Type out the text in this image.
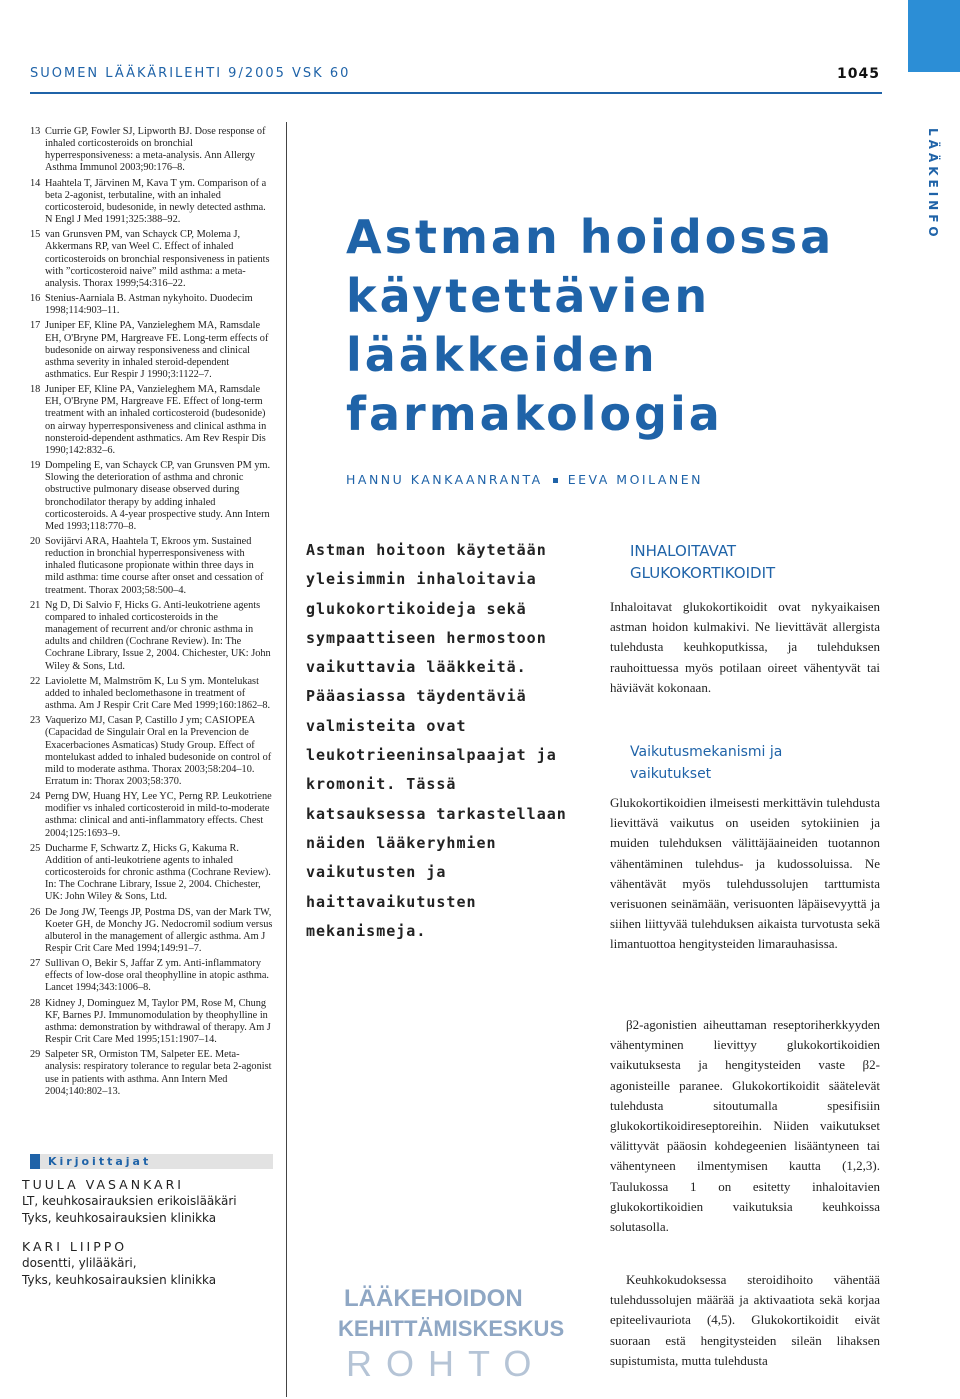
SUOMEN LÄÄKÄRILEHTI 9/2005 VSK 60	1045
LÄÄKEINFO
13 Currie GP, Fowler SJ, Lipworth BJ. Dose response of inhaled corticosteroids on bronchial hyperresponsiveness: a meta-analysis. Ann Allergy Asthma Immunol 2003;90:176–8.
14 Haahtela T, Järvinen M, Kava T ym. Comparison of a beta 2-agonist, terbutaline, with an inhaled corticosteroid, budesonide, in newly detected asthma. N Engl J Med 1991;325:388–92.
15 van Grunsven PM, van Schayck CP, Molema J, Akkermans RP, van Weel C. Effect of inhaled corticosteroids on bronchial responsiveness in patients with ”corticosteroid naive” mild asthma: a meta-analysis. Thorax 1999;54:316–22.
16 Stenius-Aarniala B. Astman nykyhoito. Duodecim 1998;114:903–11.
17 Juniper EF, Kline PA, Vanzieleghem MA, Ramsdale EH, O'Bryne PM, Hargreave FE. Long-term effects of budesonide on airway responsiveness and clinical asthma severity in inhaled steroid-dependent asthmatics. Eur Respir J 1990;3:1122–7.
18 Juniper EF, Kline PA, Vanzieleghem MA, Ramsdale EH, O'Bryne PM, Hargreave FE. Effect of long-term treatment with an inhaled corticosteroid (budesonide) on airway hyperresponsiveness and clinical asthma in nonsteroid-dependent asthmatics. Am Rev Respir Dis 1990;142:832–6.
19 Dompeling E, van Schayck CP, van Grunsven PM ym. Slowing the deterioration of asthma and chronic obstructive pulmonary disease observed during bronchodilator therapy by adding inhaled corticosteroids. A 4-year prospective study. Ann Intern Med 1993;118:770–8.
20 Sovijärvi ARA, Haahtela T, Ekroos ym. Sustained reduction in bronchial hyperresponsiveness with inhaled fluticasone propionate within three days in mild asthma: time course after onset and cessation of treatment. Thorax 2003;58:500–4.
21 Ng D, Di Salvio F, Hicks G. Anti-leukotriene agents compared to inhaled corticosteroids in the management of recurrent and/or chronic asthma in adults and children (Cochrane Review). In: The Cochrane Library, Issue 2, 2004. Chichester, UK: John Wiley & Sons, Ltd.
22 Laviolette M, Malmström K, Lu S ym. Montelukast added to inhaled beclomethasone in treatment of asthma. Am J Respir Crit Care Med 1999;160:1862–8.
23 Vaquerizo MJ, Casan P, Castillo J ym; CASIOPEA (Capacidad de Singulair Oral en la Prevencion de Exacerbaciones Asmaticas) Study Group. Effect of montelukast added to inhaled budesonide on control of mild to moderate asthma. Thorax 2003;58:204–10. Erratum in: Thorax 2003;58:370.
24 Perng DW, Huang HY, Lee YC, Perng RP. Leukotriene modifier vs inhaled corticosteroid in mild-to-moderate asthma: clinical and anti-inflammatory effects. Chest 2004;125:1693–9.
25 Ducharme F, Schwartz Z, Hicks G, Kakuma R. Addition of anti-leukotriene agents to inhaled corticosteroids for chronic asthma (Cochrane Review). In: The Cochrane Library, Issue 2, 2004. Chichester, UK: John Wiley & Sons, Ltd.
26 De Jong JW, Teengs JP, Postma DS, van der Mark TW, Koeter GH, de Monchy JG. Nedocromil sodium versus albuterol in the management of allergic asthma. Am J Respir Crit Care Med 1994;149:91–7.
27 Sullivan O, Bekir S, Jaffar Z ym. Anti-inflammatory effects of low-dose oral theophylline in atopic asthma. Lancet 1994;343:1006–8.
28 Kidney J, Dominguez M, Taylor PM, Rose M, Chung KF, Barnes PJ. Immunomodulation by theophylline in asthma: demonstration by withdrawal of therapy. Am J Respir Crit Care Med 1995;151:1907–14.
29 Salpeter SR, Ormiston TM, Salpeter EE. Meta-analysis: respiratory tolerance to regular beta 2-agonist use in patients with asthma. Ann Intern Med 2004;140:802–13.
Kirjoittajat
TUULA VASANKARI
LT, keuhkosairauksien erikoislääkäri
Tyks, keuhkosairauksien klinikka
KARI LIIPPO
dosentti, ylilääkäri,
Tyks, keuhkosairauksien klinikka
Astman hoidossa
käytettävien
lääkkeiden
farmakologia
HANNU KANKAANRANTA EEVA MOILANEN

Astman hoitoon käytetään yleisimmin inhaloitavia glukokortikoideja sekä sympaattiseen hermostoon vaikuttavia lääkkeitä. Pääasiassa täydentäviä valmisteita ovat leukotrieeninsalpaajat ja kromonit. Tässä katsauksessa tarkastellaan näiden lääkeryhmien vaikutusten ja haittavaikutusten mekanismeja.

INHALOITAVAT
GLUKOKORTIKOIDIT

Inhaloitavat glukokortikoidit ovat nykyaikaisen astman hoidon kulmakivi. Ne lievittävät allergista tulehdusta keuhkoputkissa, ja tulehduksen rauhoittuessa myös potilaan oireet vähentyvät tai häviävät kokonaan.

Vaikutusmekanismi ja
vaikutukset

Glukokortikoidien ilmeisesti merkittävin tulehdusta lievittävä vaikutus on useiden sytokiinien ja muiden tulehduksen välittäjäaineiden tuotannon vähentäminen tulehdus- ja kudossoluissa. Ne vähentävät myös tulehdussolujen tarttumista verisuonen seinämään, verisuonten läpäisevyyttä ja siihen liittyvää tulehduksen aikaista turvotusta sekä limantuottoa hengitysteiden limarauhasissa.

β2-agonistien aiheuttaman reseptoriherkkyyden vähentyminen lievittyy glukokortikoidien vaikutuksesta ja hengitysteiden vaste β2-agonisteille paranee. Glukokortikoidit säätelevät tulehdusta sitoutumalla spesifisiin glukokortikoidireseptoreihin. Niiden vaikutukset välittyvät pääosin kohdegeenien lisääntyneen tai vähentyneen ilmentymisen kautta (1,2,3). Taulukossa 1 on esitetty inhaloitavien glukokortikoidien vaikutuksia keuhkoissa solutasolla.

Keuhkokudoksessa steroidihoito vähentää tulehdussolujen määrää ja aktivaatiota sekä korjaa epiteelivauriota (4,5). Glukokortikoidit eivät suoraan estä hengitysteiden sileän lihaksen supistumista, mutta tulehdusta

LÄÄKEHOIDON
KEHITTÄMISKESKUS
ROHTO
